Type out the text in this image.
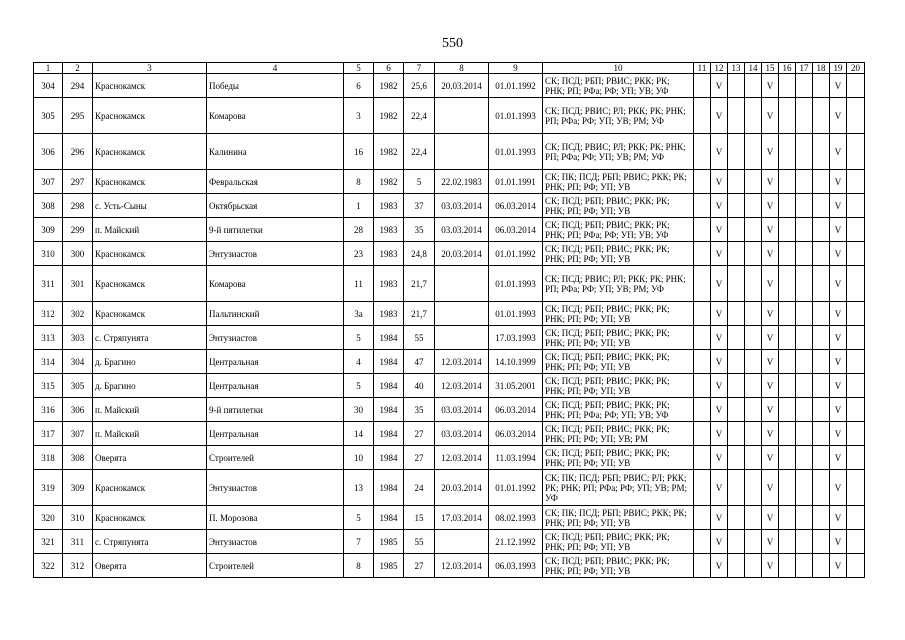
550
1	2	3	4	5	6	7	8	9	10	11	12	13	14	15	16	17	18	19	20
304	294	Краснокамск	Победы	6	1982	25,6	20.03.2014	01.01.1992	СК; ПСД; РБП; РВИС; РКК; РК; РНК; РП; РФа; РФ; УП; УВ; УФ		V			V				V	
305	295	Краснокамск	Комарова	3	1982	22,4		01.01.1993	СК; ПСД; РВИС; РЛ; РКК; РК; РНК; РП; РФа; РФ; УП; УВ; РМ; УФ		V			V				V	
306	296	Краснокамск	Калинина	16	1982	22,4		01.01.1993	СК; ПСД; РВИС; РЛ; РКК; РК; РНК; РП; РФа; РФ; УП; УВ; РМ; УФ		V			V				V	
307	297	Краснокамск	Февральская	8	1982	5	22.02.1983	01.01.1991	СК; ПК; ПСД; РБП; РВИС; РКК; РК; РНК; РП; РФ; УП; УВ		V			V				V	
308	298	с. Усть-Сыны	Октябрьская	1	1983	37	03.03.2014	06.03.2014	СК; ПСД; РБП; РВИС; РКК; РК; РНК; РП; РФ; УП; УВ		V			V				V	
309	299	п. Майский	9-й пятилетки	28	1983	35	03.03.2014	06.03.2014	СК; ПСД; РБП; РВИС; РКК; РК; РНК; РП; РФа; РФ; УП; УВ; УФ		V			V				V	
310	300	Краснокамск	Энтузиастов	23	1983	24,8	20.03.2014	01.01.1992	СК; ПСД; РБП; РВИС; РКК; РК; РНК; РП; РФ; УП; УВ		V			V				V	
311	301	Краснокамск	Комарова	11	1983	21,7		01.01.1993	СК; ПСД; РВИС; РЛ; РКК; РК; РНК; РП; РФа; РФ; УП; УВ; РМ; УФ		V			V				V	
312	302	Краснокамск	Пальтинский	3а	1983	21,7		01.01.1993	СК; ПСД; РБП; РВИС; РКК; РК; РНК; РП; РФ; УП; УВ		V			V				V	
313	303	с. Стряпунята	Энтузиастов	5	1984	55		17.03.1993	СК; ПСД; РБП; РВИС; РКК; РК; РНК; РП; РФ; УП; УВ		V			V				V	
314	304	д. Брагино	Центральная	4	1984	47	12.03.2014	14.10.1999	СК; ПСД; РБП; РВИС; РКК; РК; РНК; РП; РФ; УП; УВ		V			V				V	
315	305	д. Брагино	Центральная	5	1984	40	12.03.2014	31.05.2001	СК; ПСД; РБП; РВИС; РКК; РК; РНК; РП; РФ; УП; УВ		V			V				V	
316	306	п. Майский	9-й пятилетки	30	1984	35	03.03.2014	06.03.2014	СК; ПСД; РБП; РВИС; РКК; РК; РНК; РП; РФа; РФ; УП; УВ; УФ		V			V				V	
317	307	п. Майский	Центральная	14	1984	27	03.03.2014	06.03.2014	СК; ПСД; РБП; РВИС; РКК; РК; РНК; РП; РФ; УП; УВ; РМ		V			V				V	
318	308	Оверята	Строителей	10	1984	27	12.03.2014	11.03.1994	СК; ПСД; РБП; РВИС; РКК; РК; РНК; РП; РФ; УП; УВ		V			V				V	
319	309	Краснокамск	Энтузиастов	13	1984	24	20.03.2014	01.01.1992	СК; ПК; ПСД; РБП; РВИС; РЛ; РКК; РК; РНК; РП; РФа; РФ; УП; УВ; РМ; УФ		V			V				V	
320	310	Краснокамск	П. Морозова	5	1984	15	17.03.2014	08.02.1993	СК; ПК; ПСД; РБП; РВИС; РКК; РК; РНК; РП; РФ; УП; УВ		V			V				V	
321	311	с. Стряпунята	Энтузиастов	7	1985	55		21.12.1992	СК; ПСД; РБП; РВИС; РКК; РК; РНК; РП; РФ; УП; УВ		V			V				V	
322	312	Оверята	Строителей	8	1985	27	12.03.2014	06.03.1993	СК; ПСД; РБП; РВИС; РКК; РК; РНК; РП; РФ; УП; УВ		V			V				V	
